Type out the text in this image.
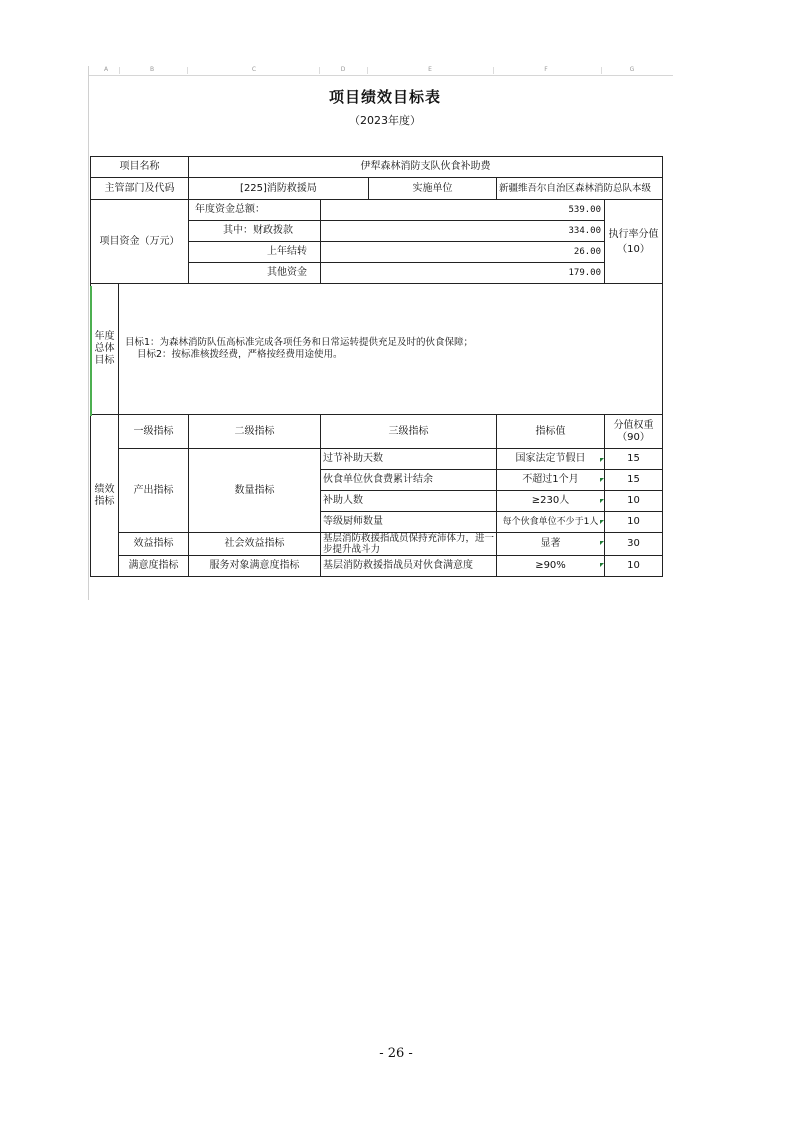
A	B	C	D	E	F	G
项目绩效目标表
（2023年度）
项目名称		伊犁森林消防支队伙食补助费				
主管部门及代码		[225]消防救援局		实施单位	新疆维吾尔自治区森林消防总队本级	
项目资金（万元）		年度资金总额：	539.00			执行率分值（10）
		其中：财政拨款	334.00			
		上年结转	26.00			
		其他资金	179.00			
年度总体目标	目标1：为森林消防队伍高标准完成各项任务和日常运转提供充足及时的伙食保障；
目标2：按标准核拨经费，严格按经费用途使用。					

绩效指标	一级指标	二级指标	三级指标		指标值	分值权重（90）
	产出指标	数量指标	过节补助天数		国家法定节假日	15
			伙食单位伙食费累计结余		不超过1个月	15
			补助人数		≥230人	10
			等级厨师数量		每个伙食单位不少于1人	10
	效益指标	社会效益指标	基层消防救援指战员保持充沛体力，进一步提升战斗力		显著	30
	满意度指标	服务对象满意度指标	基层消防救援指战员对伙食满意度		≥90%	10
- 26 -
